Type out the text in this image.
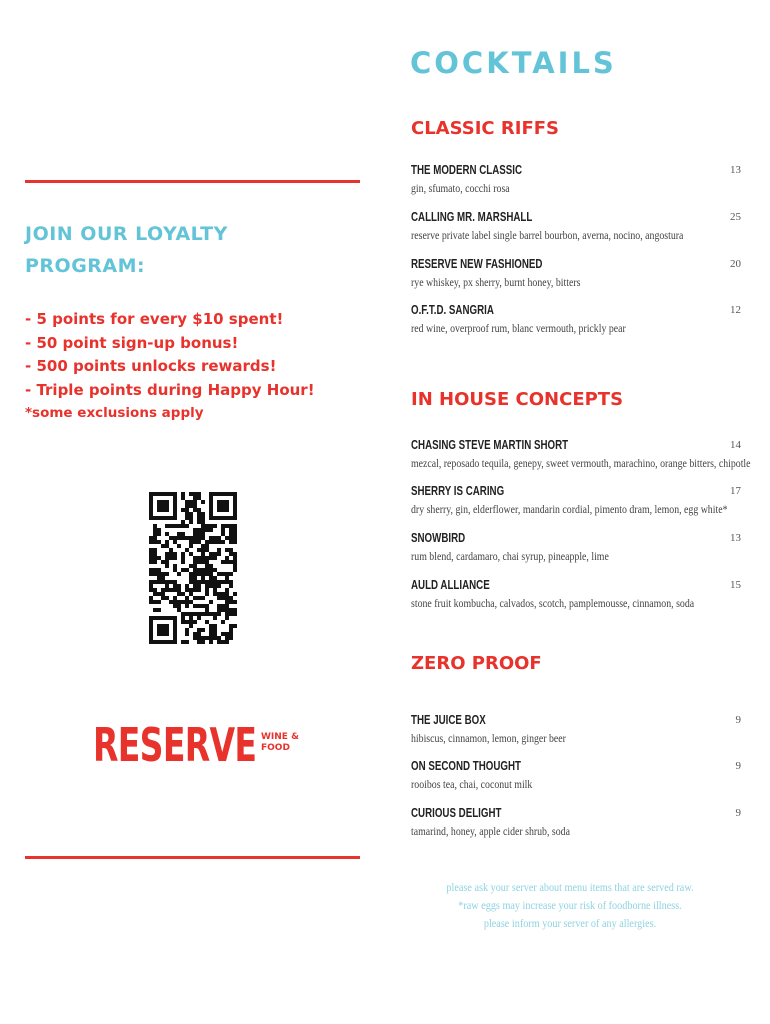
JOIN OUR LOYALTY
PROGRAM:
- 5 points for every $10 spent!
- 50 point sign-up bonus!
- 500 points unlocks rewards!
- Triple points during Happy Hour!
*some exclusions apply
RESERVE WINE &
FOOD
COCKTAILS
CLASSIC RIFFS
THE MODERN CLASSIC
gin, sfumato, cocchi rosa
13
CALLING MR. MARSHALL
reserve private label single barrel bourbon, averna, nocino, angostura
25
RESERVE NEW FASHIONED
rye whiskey, px sherry, burnt honey, bitters
20
O.F.T.D. SANGRIA
red wine, overproof rum, blanc vermouth, prickly pear
12
IN HOUSE CONCEPTS
CHASING STEVE MARTIN SHORT
mezcal, reposado tequila, genepy, sweet vermouth, marachino, orange bitters, chipotle
14
SHERRY IS CARING
dry sherry, gin, elderflower, mandarin cordial, pimento dram, lemon, egg white*
17
SNOWBIRD
rum blend, cardamaro, chai syrup, pineapple, lime
13
AULD ALLIANCE
stone fruit kombucha, calvados, scotch, pamplemousse, cinnamon, soda
15
ZERO PROOF
THE JUICE BOX
hibiscus, cinnamon, lemon, ginger beer
9
ON SECOND THOUGHT
rooibos tea, chai, coconut milk
9
CURIOUS DELIGHT
tamarind, honey, apple cider shrub, soda
9
please ask your server about menu items that are served raw.
*raw eggs may increase your risk of foodborne illness.
please inform your server of any allergies.
